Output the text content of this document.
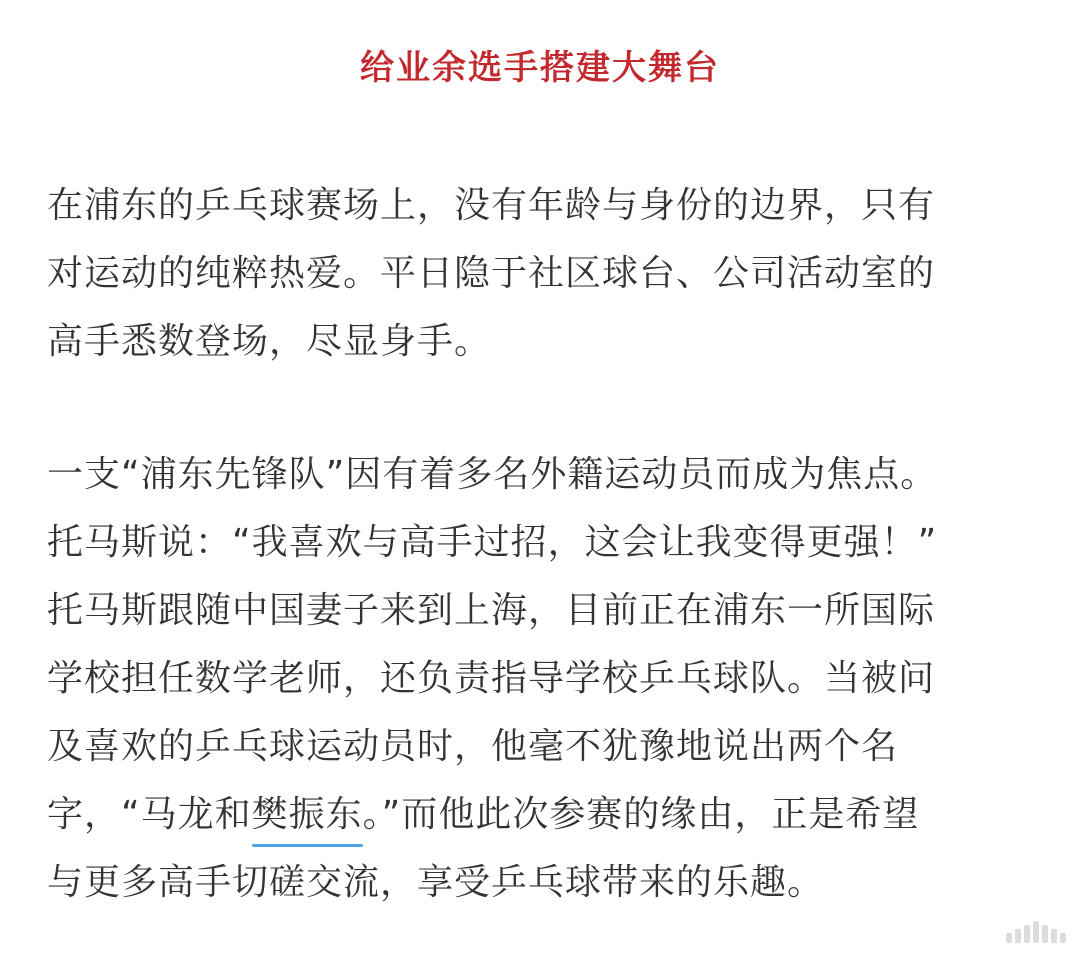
给业余选手搭建大舞台
在浦东的乒乓球赛场上，没有年龄与身份的边界，只有
对运动的纯粹热爱。平日隐于社区球台、公司活动室的
高手悉数登场，尽显身手。
一支“浦东先锋队”因有着多名外籍运动员而成为焦点。
托马斯说：“我喜欢与高手过招，这会让我变得更强！”
托马斯跟随中国妻子来到上海，目前正在浦东一所国际
学校担任数学老师，还负责指导学校乒乓球队。当被问
及喜欢的乒乓球运动员时，他毫不犹豫地说出两个名
字，“马龙和樊振东。”而他此次参赛的缘由，正是希望
与更多高手切磋交流，享受乒乓球带来的乐趣。
